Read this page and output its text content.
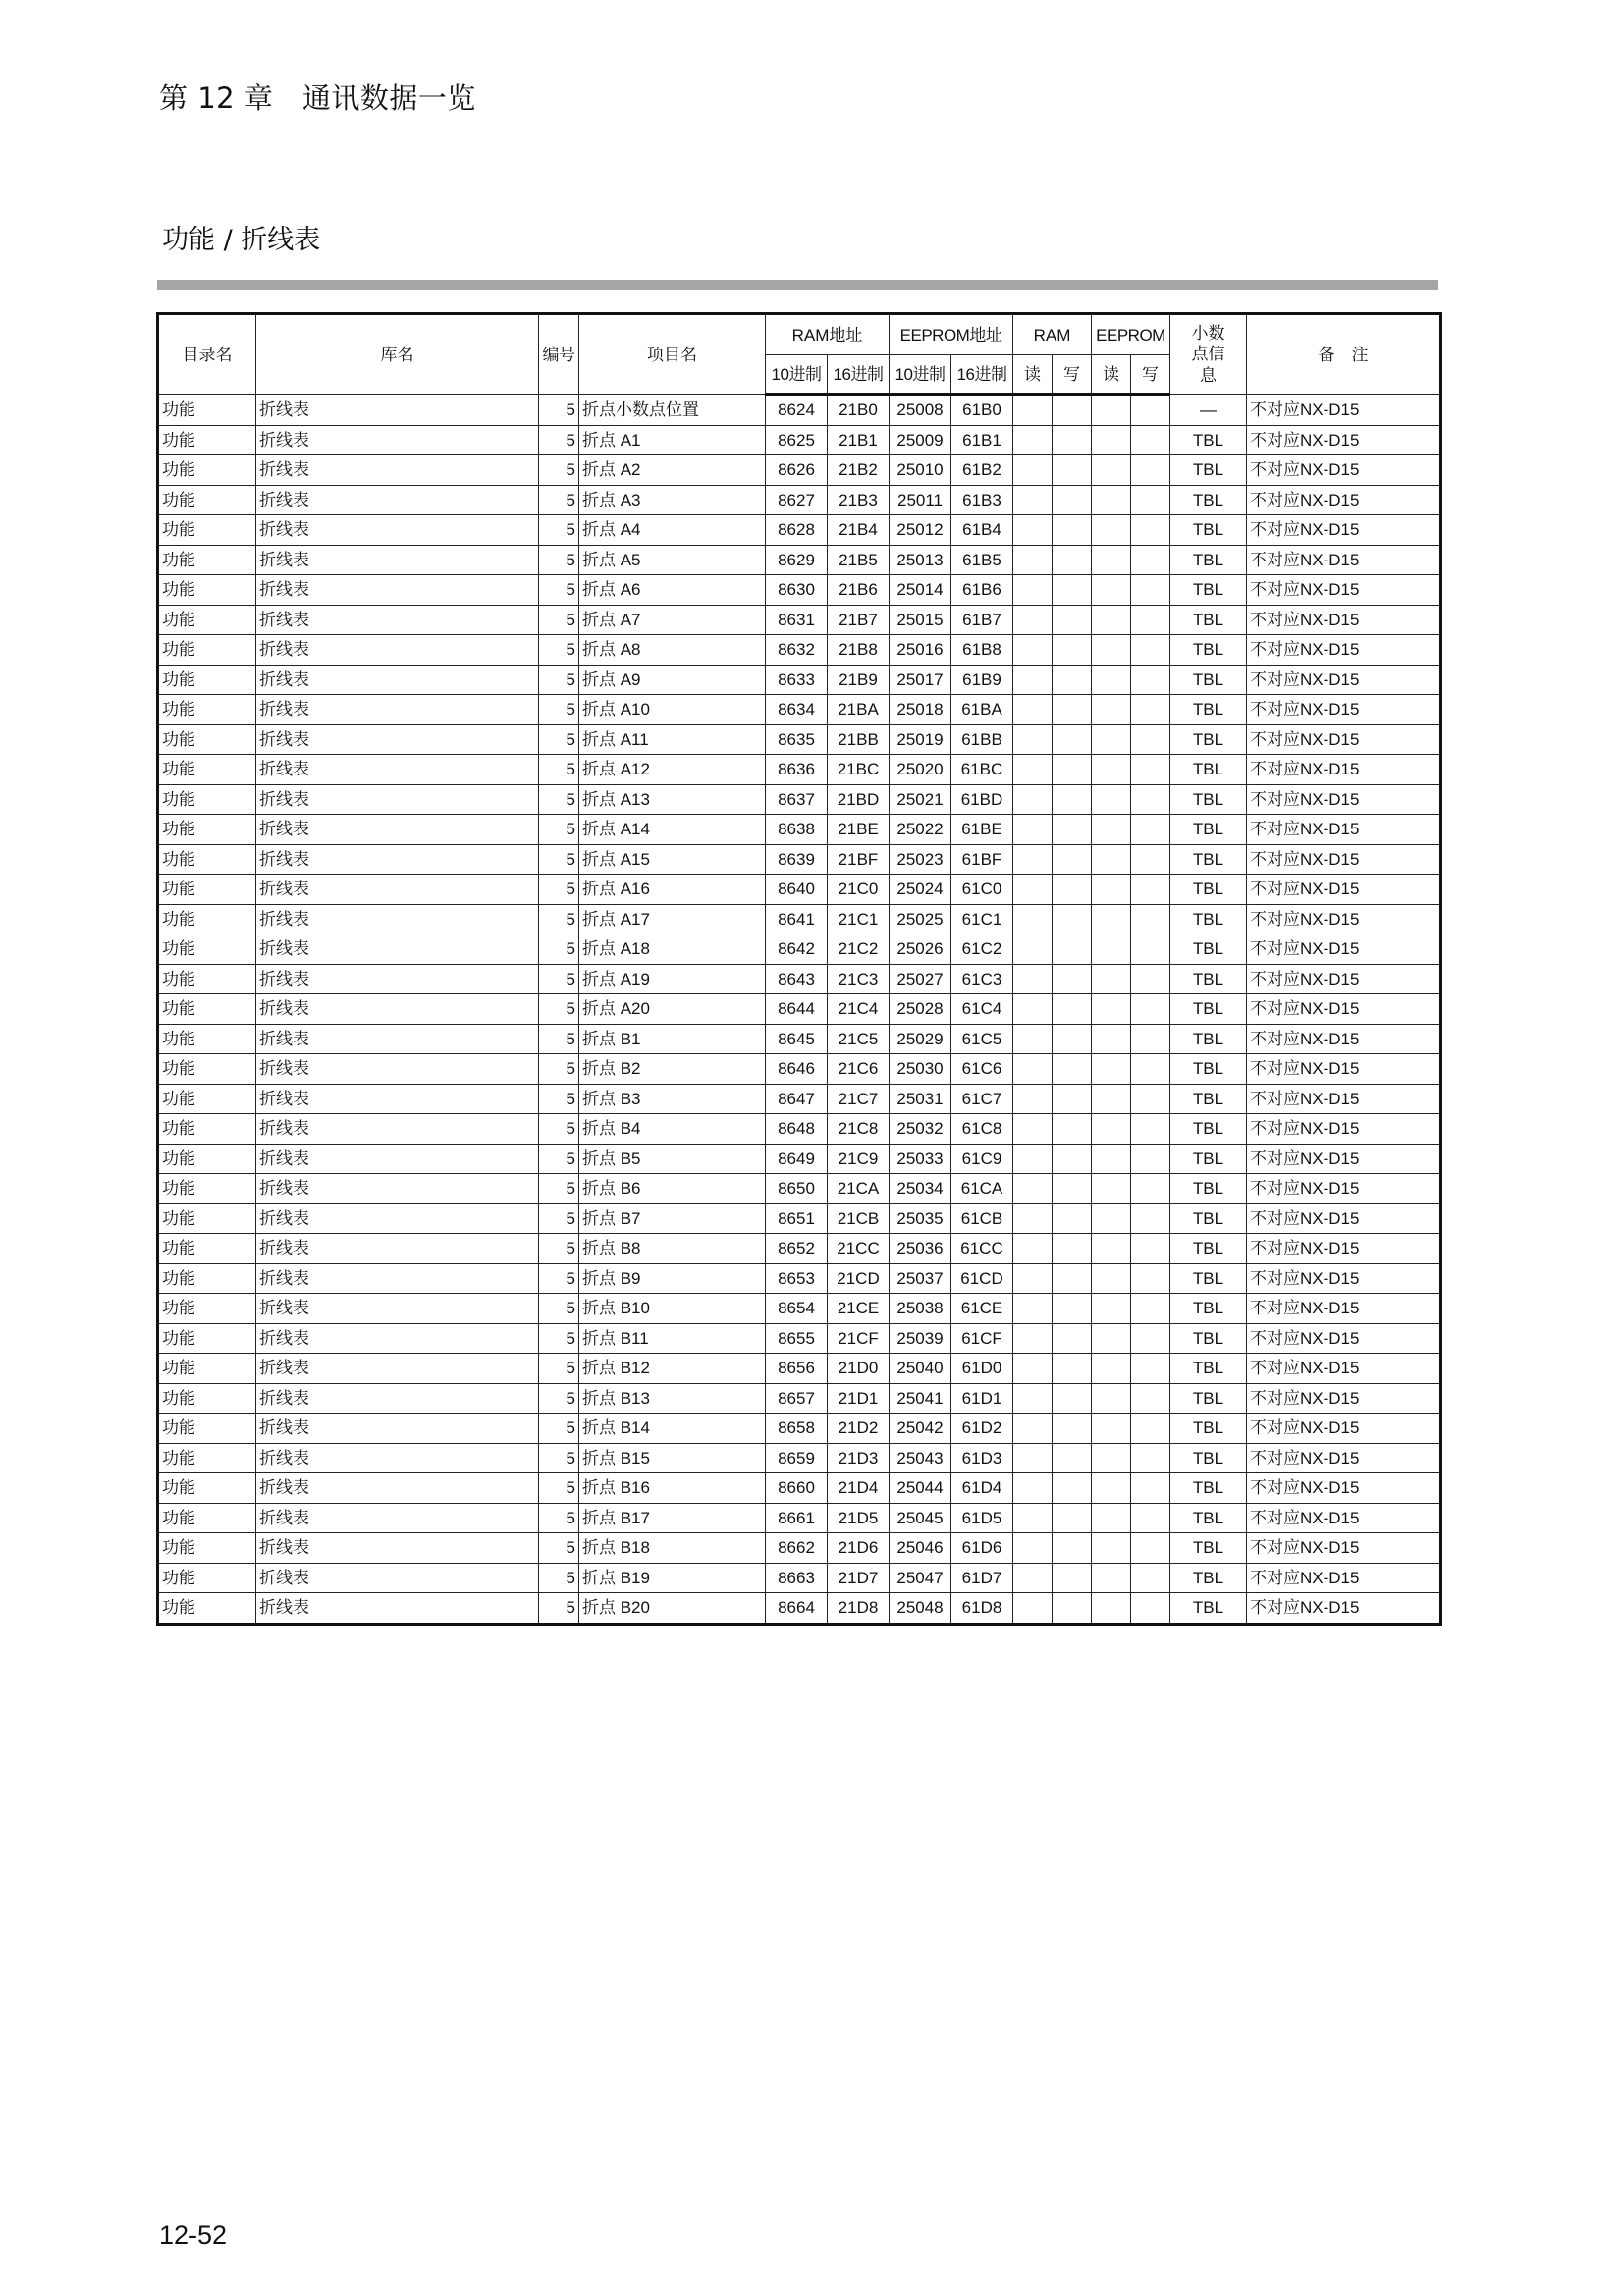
第 12 章　通讯数据一览
功能 / 折线表
目录名	库名	编号	项目名	RAM地址		EEPROM地址		RAM		EEPROM		小数点信息	备　注
				10进制	16进制	10进制	16进制	读	写	读	写		
功能	折线表	5	折点小数点位置	8624	21B0	25008	61B0					—	不对应NX-D15
功能	折线表	5	折点 A1	8625	21B1	25009	61B1					TBL	不对应NX-D15
功能	折线表	5	折点 A2	8626	21B2	25010	61B2					TBL	不对应NX-D15
功能	折线表	5	折点 A3	8627	21B3	25011	61B3					TBL	不对应NX-D15
功能	折线表	5	折点 A4	8628	21B4	25012	61B4					TBL	不对应NX-D15
功能	折线表	5	折点 A5	8629	21B5	25013	61B5					TBL	不对应NX-D15
功能	折线表	5	折点 A6	8630	21B6	25014	61B6					TBL	不对应NX-D15
功能	折线表	5	折点 A7	8631	21B7	25015	61B7					TBL	不对应NX-D15
功能	折线表	5	折点 A8	8632	21B8	25016	61B8					TBL	不对应NX-D15
功能	折线表	5	折点 A9	8633	21B9	25017	61B9					TBL	不对应NX-D15
功能	折线表	5	折点 A10	8634	21BA	25018	61BA					TBL	不对应NX-D15
功能	折线表	5	折点 A11	8635	21BB	25019	61BB					TBL	不对应NX-D15
功能	折线表	5	折点 A12	8636	21BC	25020	61BC					TBL	不对应NX-D15
功能	折线表	5	折点 A13	8637	21BD	25021	61BD					TBL	不对应NX-D15
功能	折线表	5	折点 A14	8638	21BE	25022	61BE					TBL	不对应NX-D15
功能	折线表	5	折点 A15	8639	21BF	25023	61BF					TBL	不对应NX-D15
功能	折线表	5	折点 A16	8640	21C0	25024	61C0					TBL	不对应NX-D15
功能	折线表	5	折点 A17	8641	21C1	25025	61C1					TBL	不对应NX-D15
功能	折线表	5	折点 A18	8642	21C2	25026	61C2					TBL	不对应NX-D15
功能	折线表	5	折点 A19	8643	21C3	25027	61C3					TBL	不对应NX-D15
功能	折线表	5	折点 A20	8644	21C4	25028	61C4					TBL	不对应NX-D15
功能	折线表	5	折点 B1	8645	21C5	25029	61C5					TBL	不对应NX-D15
功能	折线表	5	折点 B2	8646	21C6	25030	61C6					TBL	不对应NX-D15
功能	折线表	5	折点 B3	8647	21C7	25031	61C7					TBL	不对应NX-D15
功能	折线表	5	折点 B4	8648	21C8	25032	61C8					TBL	不对应NX-D15
功能	折线表	5	折点 B5	8649	21C9	25033	61C9					TBL	不对应NX-D15
功能	折线表	5	折点 B6	8650	21CA	25034	61CA					TBL	不对应NX-D15
功能	折线表	5	折点 B7	8651	21CB	25035	61CB					TBL	不对应NX-D15
功能	折线表	5	折点 B8	8652	21CC	25036	61CC					TBL	不对应NX-D15
功能	折线表	5	折点 B9	8653	21CD	25037	61CD					TBL	不对应NX-D15
功能	折线表	5	折点 B10	8654	21CE	25038	61CE					TBL	不对应NX-D15
功能	折线表	5	折点 B11	8655	21CF	25039	61CF					TBL	不对应NX-D15
功能	折线表	5	折点 B12	8656	21D0	25040	61D0					TBL	不对应NX-D15
功能	折线表	5	折点 B13	8657	21D1	25041	61D1					TBL	不对应NX-D15
功能	折线表	5	折点 B14	8658	21D2	25042	61D2					TBL	不对应NX-D15
功能	折线表	5	折点 B15	8659	21D3	25043	61D3					TBL	不对应NX-D15
功能	折线表	5	折点 B16	8660	21D4	25044	61D4					TBL	不对应NX-D15
功能	折线表	5	折点 B17	8661	21D5	25045	61D5					TBL	不对应NX-D15
功能	折线表	5	折点 B18	8662	21D6	25046	61D6					TBL	不对应NX-D15
功能	折线表	5	折点 B19	8663	21D7	25047	61D7					TBL	不对应NX-D15
功能	折线表	5	折点 B20	8664	21D8	25048	61D8					TBL	不对应NX-D15
12-52
